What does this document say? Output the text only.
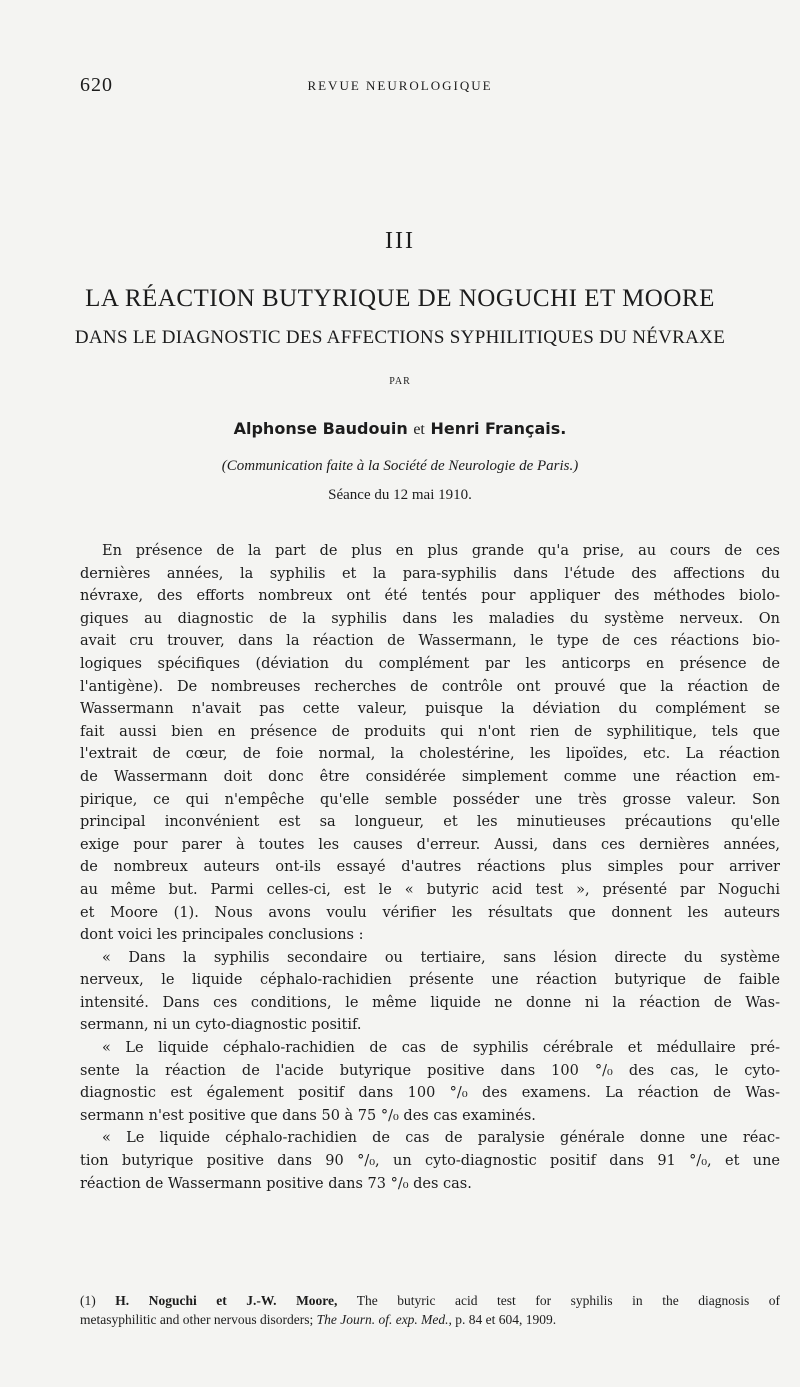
620	REVUE NEUROLOGIQUE
III
LA RÉACTION BUTYRIQUE DE NOGUCHI ET MOORE
DANS LE DIAGNOSTIC DES AFFECTIONS SYPHILITIQUES DU NÉVRAXE
PAR
Alphonse Baudouin et Henri Français.
(Communication faite à la Société de Neurologie de Paris.)
Séance du 12 mai 1910.
En présence de la part de plus en plus grande qu'a prise, au cours de ces
dernières années, la syphilis et la para-syphilis dans l'étude des affections du
névraxe, des efforts nombreux ont été tentés pour appliquer des méthodes biolo-
giques au diagnostic de la syphilis dans les maladies du système nerveux. On
avait cru trouver, dans la réaction de Wassermann, le type de ces réactions bio-
logiques spécifiques (déviation du complément par les anticorps en présence de
l'antigène). De nombreuses recherches de contrôle ont prouvé que la réaction de
Wassermann n'avait pas cette valeur, puisque la déviation du complément se
fait aussi bien en présence de produits qui n'ont rien de syphilitique, tels que
l'extrait de cœur, de foie normal, la cholestérine, les lipoïdes, etc. La réaction
de Wassermann doit donc être considérée simplement comme une réaction em-
pirique, ce qui n'empêche qu'elle semble posséder une très grosse valeur. Son
principal inconvénient est sa longueur, et les minutieuses précautions qu'elle
exige pour parer à toutes les causes d'erreur. Aussi, dans ces dernières années,
de nombreux auteurs ont-ils essayé d'autres réactions plus simples pour arriver
au même but. Parmi celles-ci, est le « butyric acid test », présenté par Noguchi
et Moore (1). Nous avons voulu vérifier les résultats que donnent les auteurs
dont voici les principales conclusions :
« Dans la syphilis secondaire ou tertiaire, sans lésion directe du système
nerveux, le liquide céphalo-rachidien présente une réaction butyrique de faible
intensité. Dans ces conditions, le même liquide ne donne ni la réaction de Was-
sermann, ni un cyto-diagnostic positif.
« Le liquide céphalo-rachidien de cas de syphilis cérébrale et médullaire pré-
sente la réaction de l'acide butyrique positive dans 100 °/₀ des cas, le cyto-
diagnostic est également positif dans 100 °/₀ des examens. La réaction de Was-
sermann n'est positive que dans 50 à 75 °/₀ des cas examinés.
« Le liquide céphalo-rachidien de cas de paralysie générale donne une réac-
tion butyrique positive dans 90 °/₀, un cyto-diagnostic positif dans 91 °/₀, et une
réaction de Wassermann positive dans 73 °/₀ des cas.
(1) H. Noguchi et J.-W. Moore, The butyric acid test for syphilis in the diagnosis of
metasyphilitic and other nervous disorders; The Journ. of. exp. Med., p. 84 et 604, 1909.
